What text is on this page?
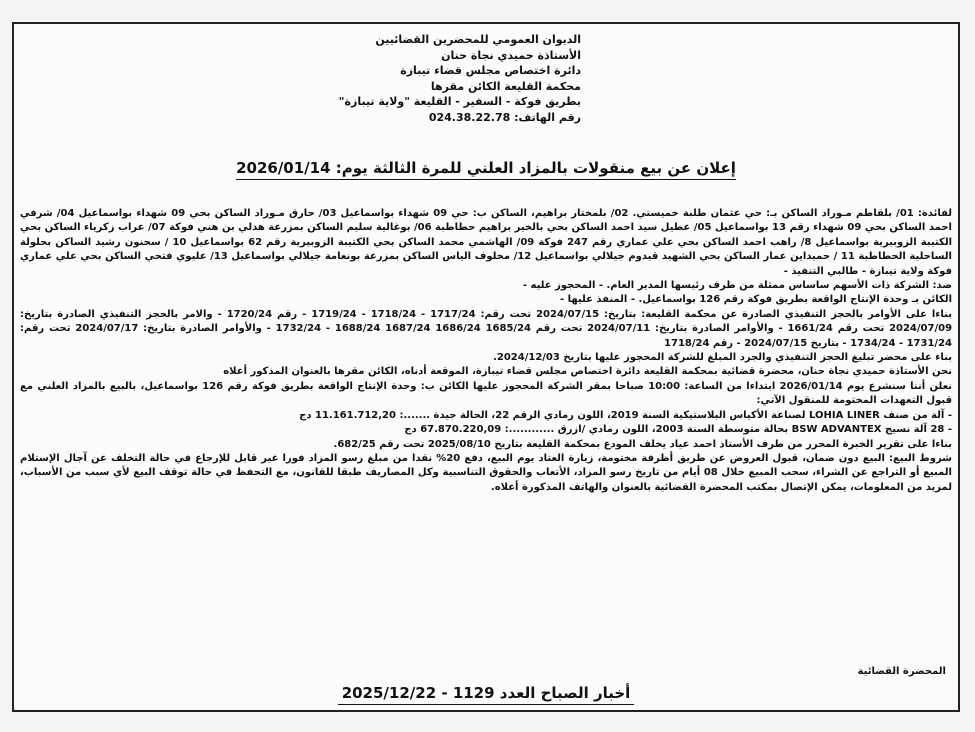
الديوان العمومي للمحضرين القضائيين
الأستاذة حميدي نجاة حنان
دائرة اختصاص مجلس قضاء تيبازة
محكمة القليعة الكائن مقرها
بطريق فوكة - السفير - القليعة "ولاية تيبازة"
رقم الهاتف: 024.38.22.78
إعلان عن بيع منقولات بالمزاد العلني للمرة الثالثة يوم: 2026/01/14

لفائدة: 01/ بلقاطم مـوراد الساكن بـ: حي عثمان طلبة خميستي. 02/ بلمختار براهيم، الساكن ب: حي 09 شهداء بواسماعيل 03/ حارق مـوراد الساكن بحي 09 شهداء بواسماعيل 04/ شرفي احمد الساكن بحي 09 شهداء رقم 13 بواسماعيل 05/ عطيل سيد احمد الساكن بحي بالخير براهيم حطاطبة 06/ بوغالية سليم الساكن بمزرعة هدلي بن هني فوكة 07/ عراب زكرياء الساكن بحي الكتيبة الزوبيرية بواسماعيل 8/ راهب احمد الساكن بحي علي عماري رقم 247 فوكة 09/ الهاشمي محمد الساكن بحي الكتيبة الزوبيرية رقم 62 بواسماعيل 10 / سحنون رشيد الساكن بحلولة الساحلية الحطاطبة 11 / حميداين عمار الساكن بحي الشهيد قيدوم جيلالي بواسماعيل 12/ مخلوف الياس الساكن بمزرعة بونعامة جيلالي بواسماعيل 13/ عليوي فتحي الساكن بحي علي عماري فوكة ولاية تيبازة - طالبي التنفيذ -

ضد: الشركة ذات الأسهم ساساس ممثلة من طرف رئيسها المدير العام. - المحجوز عليه -

الكائن بـ وحدة الإنتاج الواقعة بطريق فوكة رقم 126 بواسماعيل. - المنفذ عليها -

بناءا على الأوامر بالحجز التنفيذي الصادرة عن محكمة القليعة: بتاريخ: 2024/07/15 تحت رقم: 1717/24 - 1718/24 - 1719/24 - رقم 1720/24 - والامر بالحجز التنفيذي الصادرة بتاريخ: 2024/07/09 تحت رقم 1661/24 - والأوامر الصادرة بتاريخ: 2024/07/11 تحت رقم 1685/24 1686/24 1687/24 1688/24 - 1732/24 - والأوامر الصادرة بتاريخ: 2024/07/17 تحت رقم: 1731/24 - 1734/24 - بتاريخ 2024/07/15 - رقم 1718/24

بناء على محضر تبليغ الحجز التنفيذي والجرد المبلغ للشركة المحجوز عليها بتاريخ 2024/12/03.

نحن الأستاذة حميدي نجاة حنان، محضرة قضائية بمحكمة القليعة دائرة اختصاص مجلس قضاء تيبازة، الموقعة أدناه، الكائن مقرها بالعنوان المذكور أعلاه

نعلن أننا سنشرع يوم 2026/01/14 ابتداءا من الساعة: 10:00 صباحا بمقر الشركة المحجوز عليها الكائن ب: وحدة الإنتاج الواقعة بطريق فوكة رقم 126 بواسماعيل، بالبيع بالمزاد العلني مع قبول التعهدات المختومة للمنقول الآتي:

- آلة من صنف LOHIA LINER لصناعة الأكياس البلاستيكية السنة 2019، اللون رمادي الرقم 22، الحالة جيدة .......: 11.161.712,20 دج

- 28 آلة نسيج BSW ADVANTEX بحالة متوسطة السنة 2003، اللون رمادي /ازرق ............: 67.870.220,09 دج

بناءا على تقرير الخبرة المحرر من طرف الأستاذ احمد عياد يخلف المودع بمحكمة القليعة بتاريخ 2025/08/10 تحت رقم 682/25.

شروط البيع: البيع دون ضمان، قبول العروض عن طريق أظرفة مختومة، زيارة العتاد يوم البيع، دفع 20% نقدا من مبلغ رسو المزاد فورا غير قابل للإرجاع في حالة التخلف عن آجال الإستلام المبيع أو التراجع عن الشراء، سحب المبيع خلال 08 أيام من تاريخ رسو المزاد، الأتعاب والحقوق التناسبية وكل المصاريف طبقا للقانون، مع التحفظ في حالة توقف البيع لأي سبب من الأسباب، لمزيد من المعلومات، يمكن الإتصال بمكتب المحضرة القضائية بالعنوان والهاتف المذكورة أعلاه.

المحضرة القضائية
أخبار الصباح العدد 1129 - 2025/12/22
